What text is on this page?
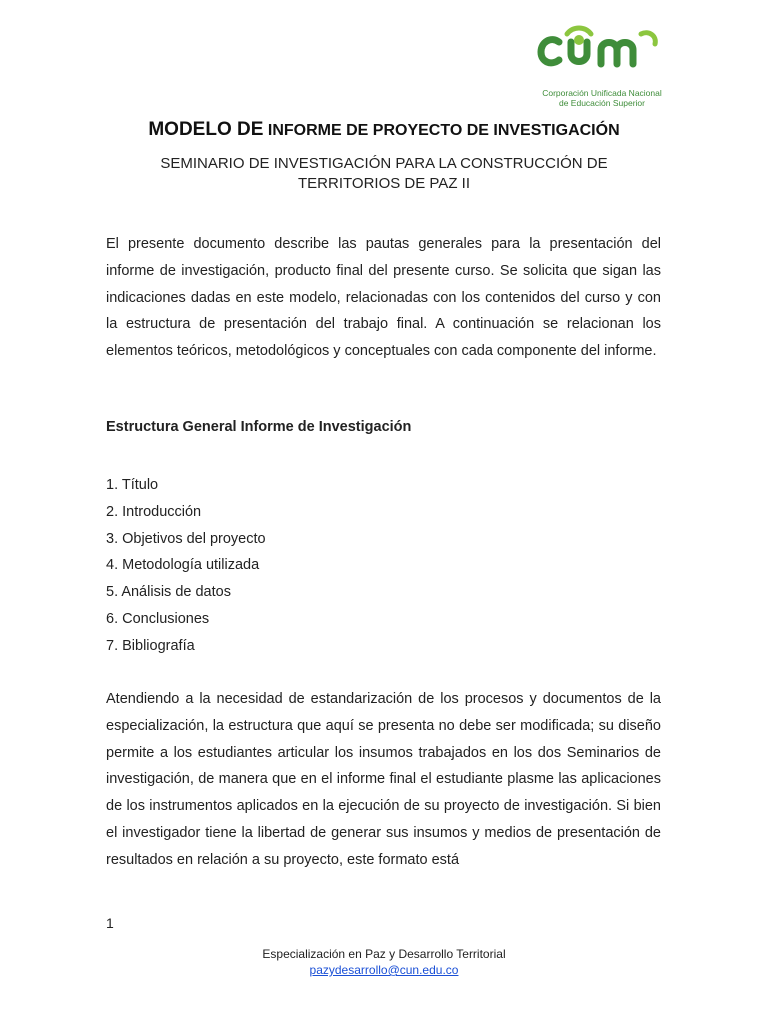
Corporación Unificada Nacional
de Educación Superior
MODELO DE INFORME DE PROYECTO DE INVESTIGACIÓN
SEMINARIO DE INVESTIGACIÓN PARA LA CONSTRUCCIÓN DE TERRITORIOS DE PAZ II

El presente documento describe las pautas generales para la presentación del informe de investigación, producto final del presente curso. Se solicita que sigan las indicaciones dadas en este modelo, relacionadas con los contenidos del curso y con la estructura de presentación del trabajo final. A continuación se relacionan los elementos teóricos, metodológicos y conceptuales con cada componente del informe.

Estructura General Informe de Investigación
1. Título
2. Introducción
3. Objetivos del proyecto
4. Metodología utilizada
5. Análisis de datos
6. Conclusiones
7. Bibliografía

Atendiendo a la necesidad de estandarización de los procesos y documentos de la especialización, la estructura que aquí se presenta no debe ser modificada; su diseño permite a los estudiantes articular los insumos trabajados en los dos Seminarios de investigación, de manera que en el informe final el estudiante plasme las aplicaciones de los instrumentos aplicados en la ejecución de su proyecto de investigación. Si bien el investigador tiene la libertad de generar sus insumos y medios de presentación de resultados en relación a su proyecto, este formato está

1
Especialización en Paz y Desarrollo Territorial
pazydesarrollo@cun.edu.co
